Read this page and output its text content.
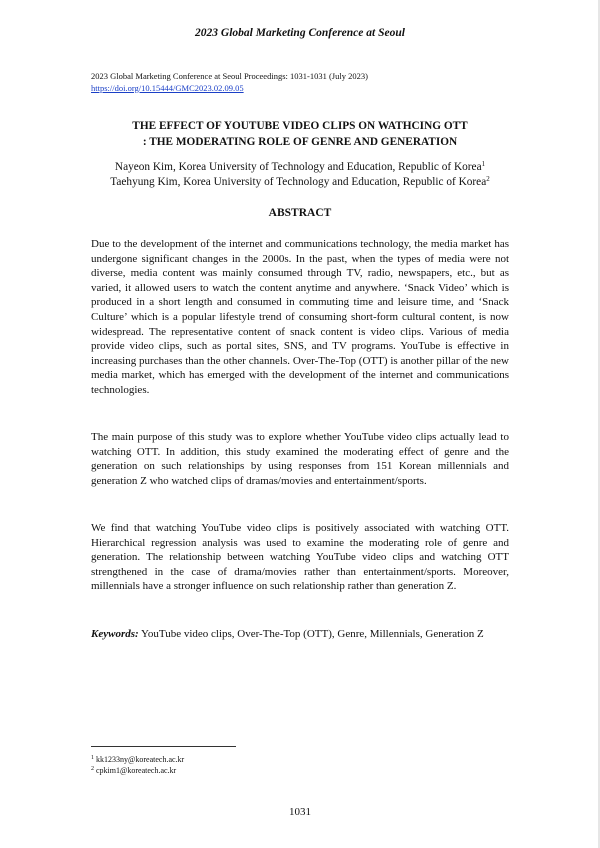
2023 Global Marketing Conference at Seoul
2023 Global Marketing Conference at Seoul Proceedings: 1031-1031 (July 2023)
https://doi.org/10.15444/GMC2023.02.09.05
THE EFFECT OF YOUTUBE VIDEO CLIPS ON WATHCING OTT
: THE MODERATING ROLE OF GENRE AND GENERATION
Nayeon Kim, Korea University of Technology and Education, Republic of Korea$^1$
Taehyung Kim, Korea University of Technology and Education, Republic of Korea$^2$
ABSTRACT
Due to the development of the internet and communications technology, the media market has undergone significant changes in the 2000s. In the past, when the types of media were not diverse, media content was mainly consumed through TV, radio, newspapers, etc., but as varied, it allowed users to watch the content anytime and anywhere. ‘Snack Video’ which is produced in a short length and consumed in commuting time and leisure time, and ‘Snack Culture’ which is a popular lifestyle trend of consuming short-form cultural content, is now widespread. The representative content of snack content is video clips. Various of media provide video clips, such as portal sites, SNS, and TV programs. YouTube is effective in increasing purchases than the other channels. Over-The-Top (OTT) is another pillar of the new media market, which has emerged with the development of the internet and communications technologies.
The main purpose of this study was to explore whether YouTube video clips actually lead to watching OTT. In addition, this study examined the moderating effect of genre and the generation on such relationships by using responses from 151 Korean millennials and generation Z who watched clips of dramas/movies and entertainment/sports.
We find that watching YouTube video clips is positively associated with watching OTT. Hierarchical regression analysis was used to examine the moderating role of genre and generation. The relationship between watching YouTube video clips and watching OTT strengthened in the case of drama/movies rather than entertainment/sports. Moreover, millennials have a stronger influence on such relationship rather than generation Z.
Keywords: YouTube video clips, Over-The-Top (OTT), Genre, Millennials, Generation Z
$^1$ kk1233ny@koreatech.ac.kr
$^2$ cpkim1@koreatech.ac.kr
1031
